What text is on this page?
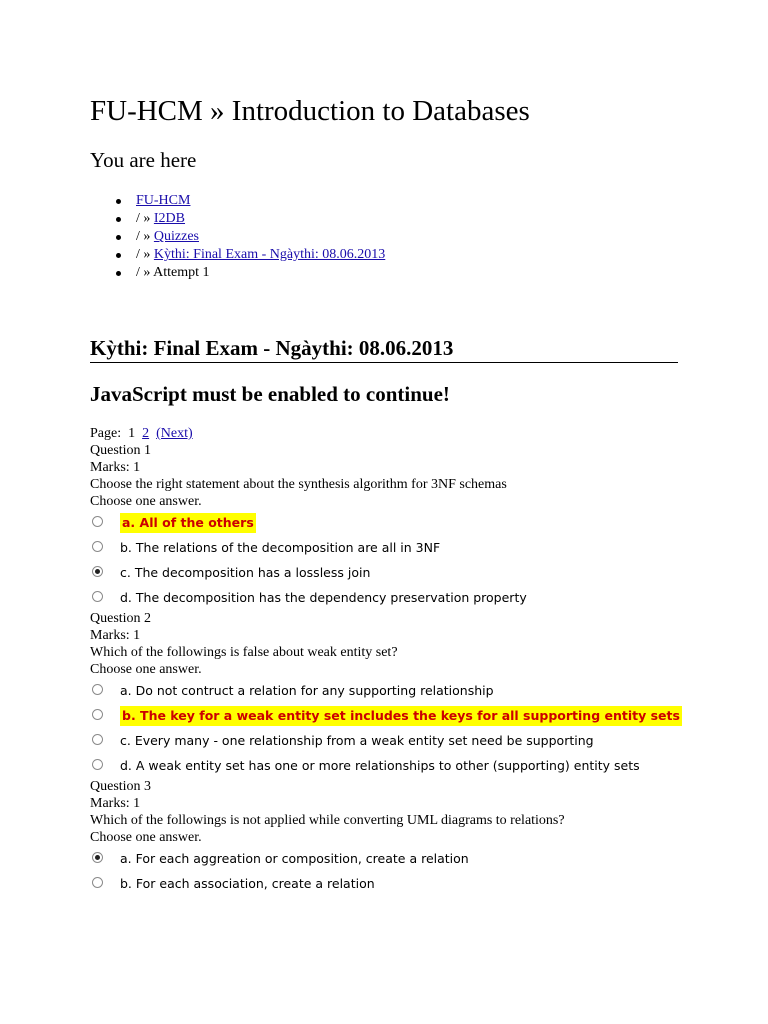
FU-HCM » Introduction to Databases
You are here
FU-HCM
/ » I2DB
/ » Quizzes
/ » Kỳthi: Final Exam - Ngàythi: 08.06.2013
/ » Attempt 1
Kỳthi: Final Exam - Ngàythi: 08.06.2013
JavaScript must be enabled to continue!
Page: 1 2 (Next)
Question 1
Marks: 1
Choose the right statement about the synthesis algorithm for 3NF schemas
Choose one answer.
a. All of the others
b. The relations of the decomposition are all in 3NF
c. The decomposition has a lossless join
d. The decomposition has the dependency preservation property
Question 2
Marks: 1
Which of the followings is false about weak entity set?
Choose one answer.
a. Do not contruct a relation for any supporting relationship
b. The key for a weak entity set includes the keys for all supporting entity sets
c. Every many - one relationship from a weak entity set need be supporting
d. A weak entity set has one or more relationships to other (supporting) entity sets
Question 3
Marks: 1
Which of the followings is not applied while converting UML diagrams to relations?
Choose one answer.
a. For each aggreation or composition, create a relation
b. For each association, create a relation
